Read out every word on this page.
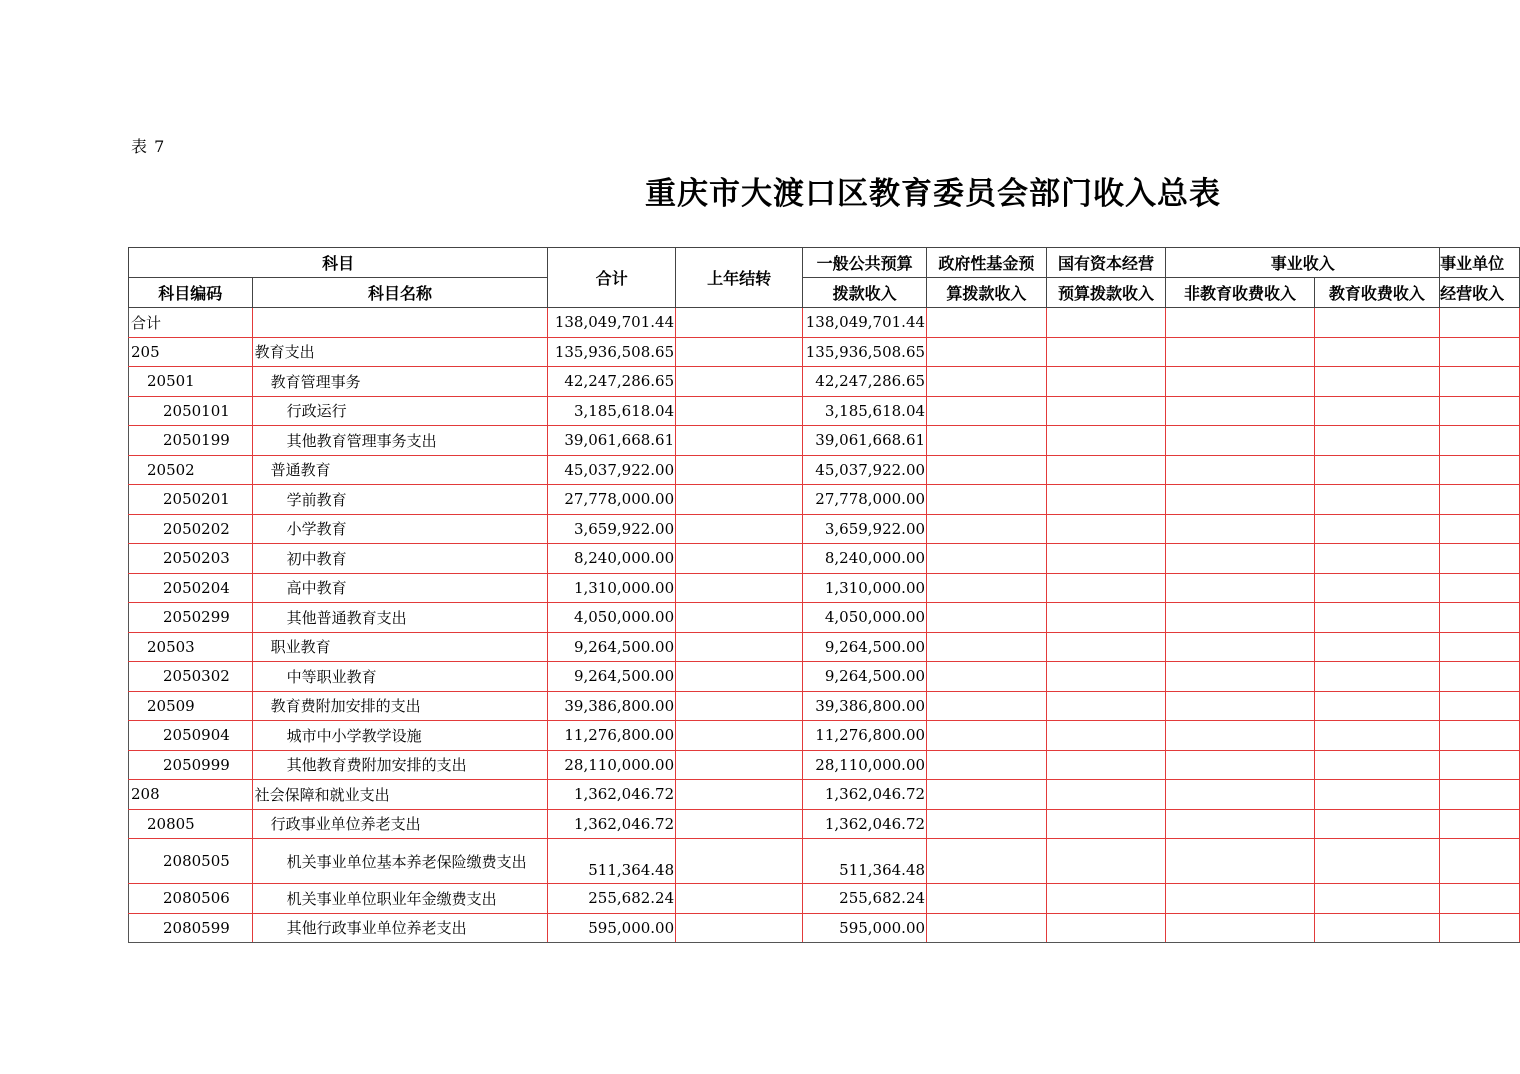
表 7
重庆市大渡口区教育委员会部门收入总表
科目		合计	上年结转	一般公共预算	政府性基金预	国有资本经营	事业收入		事业单位
科目编码	科目名称			拨款收入	算拨款收入	预算拨款收入	非教育收费收入	教育收费收入	经营收入
合计		138,049,701.44		138,049,701.44					
205	教育支出	135,936,508.65		135,936,508.65					
20501	教育管理事务	42,247,286.65		42,247,286.65					
2050101	行政运行	3,185,618.04		3,185,618.04					
2050199	其他教育管理事务支出	39,061,668.61		39,061,668.61					
20502	普通教育	45,037,922.00		45,037,922.00					
2050201	学前教育	27,778,000.00		27,778,000.00					
2050202	小学教育	3,659,922.00		3,659,922.00					
2050203	初中教育	8,240,000.00		8,240,000.00					
2050204	高中教育	1,310,000.00		1,310,000.00					
2050299	其他普通教育支出	4,050,000.00		4,050,000.00					
20503	职业教育	9,264,500.00		9,264,500.00					
2050302	中等职业教育	9,264,500.00		9,264,500.00					
20509	教育费附加安排的支出	39,386,800.00		39,386,800.00					
2050904	城市中小学教学设施	11,276,800.00		11,276,800.00					
2050999	其他教育费附加安排的支出	28,110,000.00		28,110,000.00					
208	社会保障和就业支出	1,362,046.72		1,362,046.72					
20805	行政事业单位养老支出	1,362,046.72		1,362,046.72					
2080505	机关事业单位基本养老保险缴费支出	511,364.48		511,364.48					
2080506	机关事业单位职业年金缴费支出	255,682.24		255,682.24					
2080599	其他行政事业单位养老支出	595,000.00		595,000.00					
